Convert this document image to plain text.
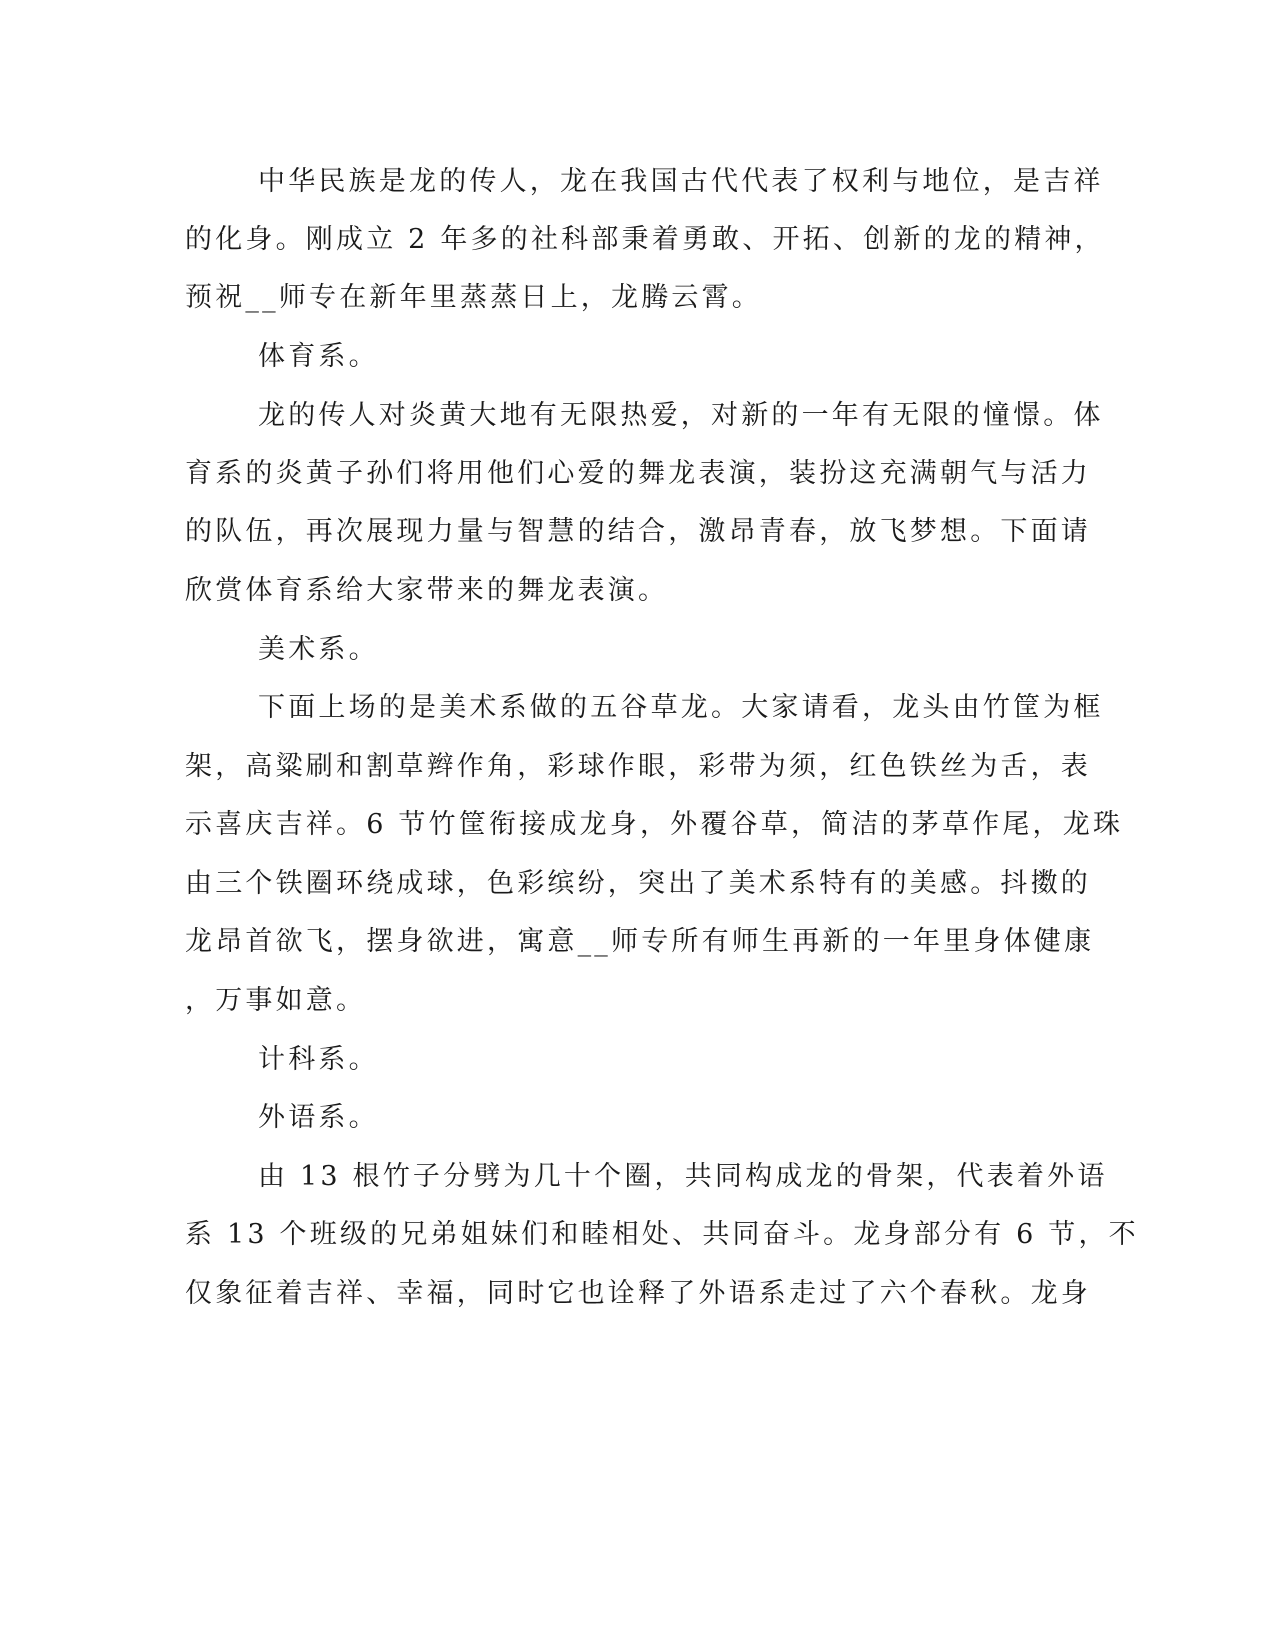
中华民族是龙的传人，龙在我国古代代表了权利与地位，是吉祥
的化身。刚成立 2 年多的社科部秉着勇敢、开拓、创新的龙的精神，
预祝__师专在新年里蒸蒸日上，龙腾云霄。
体育系。
龙的传人对炎黄大地有无限热爱，对新的一年有无限的憧憬。体
育系的炎黄子孙们将用他们心爱的舞龙表演，装扮这充满朝气与活力
的队伍，再次展现力量与智慧的结合，激昂青春，放飞梦想。下面请
欣赏体育系给大家带来的舞龙表演。
美术系。
下面上场的是美术系做的五谷草龙。大家请看，龙头由竹筐为框
架，高粱刷和割草辫作角，彩球作眼，彩带为须，红色铁丝为舌，表
示喜庆吉祥。6 节竹筐衔接成龙身，外覆谷草，简洁的茅草作尾，龙珠
由三个铁圈环绕成球，色彩缤纷，突出了美术系特有的美感。抖擞的
龙昂首欲飞，摆身欲进，寓意__师专所有师生再新的一年里身体健康
，万事如意。
计科系。
外语系。
由 13 根竹子分劈为几十个圈，共同构成龙的骨架，代表着外语
系 13 个班级的兄弟姐妹们和睦相处、共同奋斗。龙身部分有 6 节，不
仅象征着吉祥、幸福，同时它也诠释了外语系走过了六个春秋。龙身
